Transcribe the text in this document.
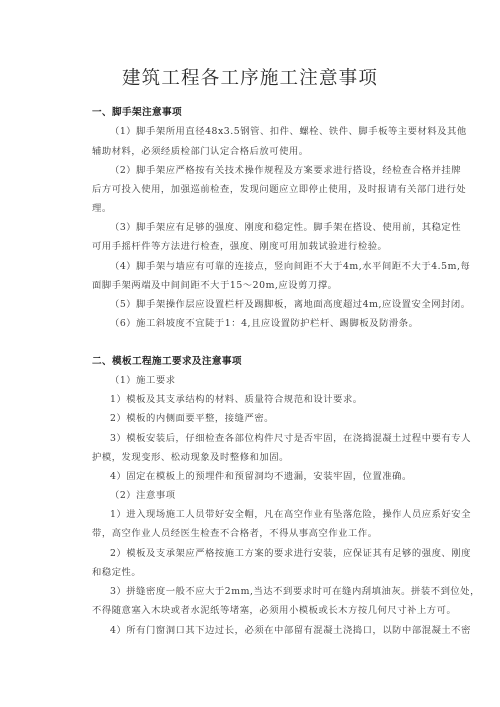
建筑工程各工序施工注意事项
一、脚手架注意事项
（1）脚手架所用直径48x3.5钢管、扣件、螺栓、铁件、脚手板等主要材料及其他
辅助材料，必须经质检部门认定合格后放可使用。
（2）脚手架应严格按有关技术操作规程及方案要求进行搭设，经检查合格并挂牌
后方可投入使用，加强巡前检查，发现问题应立即停止使用，及时报请有关部门进行处
理。
（3）脚手架应有足够的强度、刚度和稳定性。脚手架在搭设、使用前，其稳定性
可用手摇杆件等方法进行检查，强度、刚度可用加载试验进行检验。
（4）脚手架与墙应有可靠的连接点，竖向间距不大于4m,水平间距不大于4.5m,每
面脚手架两端及中间间距不大于15～20m,应设剪刀撑。
（5）脚手架操作层应设置栏杆及踢脚板，离地面高度超过4m,应设置安全网封闭。
（6）施工斜坡度不宜陡于1：4,且应设置防护栏杆、踢脚板及防滑条。
二、模板工程施工要求及注意事项
（1）施工要求
1）模板及其支承结构的材料、质量符合规范和设计要求。
2）模板的内侧面要平整，接缝严密。
3）模板安装后，仔细检查各部位构件尺寸是否牢固，在浇捣混凝土过程中要有专人
护模，发现变形、松动现象及时整修和加固。
4）固定在模板上的预埋件和预留洞均不遗漏，安装牢固，位置准确。
（2）注意事项
1）进入现场施工人员带好安全帽，凡在高空作业有坠落危险，操作人员应系好安全
带，高空作业人员经医生检查不合格者，不得从事高空作业工作。
2）模板及支承架应严格按施工方案的要求进行安装，应保证其有足够的强度、刚度
和稳定性。
3）拼缝密度一般不应大于2mm,当达不到要求时可在缝内刮填油灰。拼装不到位处，
不得随意塞入木块或者水泥纸等堵塞，必须用小模板或长木方按几何尺寸补上方可。
4）所有门窗洞口其下边过长，必须在中部留有混凝土浇捣口，以防中部混凝土不密
